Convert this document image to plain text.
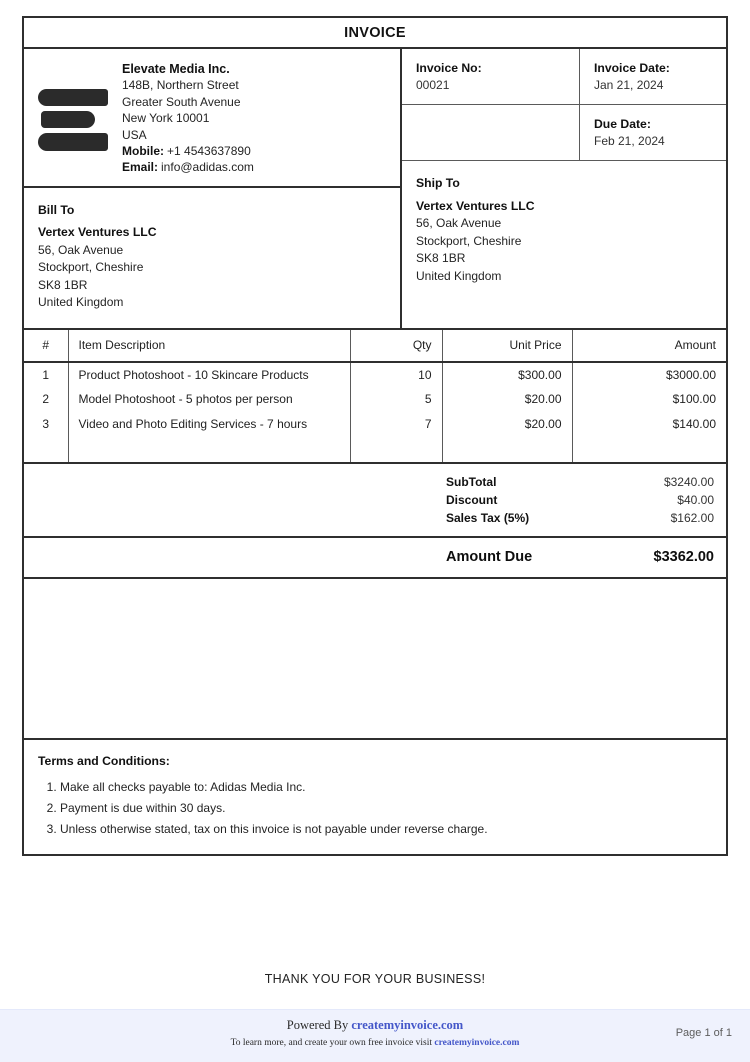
INVOICE
Elevate Media Inc.
148B, Northern Street
Greater South Avenue
New York 10001
USA
Mobile: +1 4543637890
Email: info@adidas.com
Bill To
Vertex Ventures LLC
56, Oak Avenue
Stockport, Cheshire
SK8 1BR
United Kingdom
Invoice No:
00021
Invoice Date:
Jan 21, 2024
Due Date:
Feb 21, 2024
Ship To
Vertex Ventures LLC
56, Oak Avenue
Stockport, Cheshire
SK8 1BR
United Kingdom
#	Item Description	Qty	Unit Price	Amount
1	Product Photoshoot - 10 Skincare Products	10	$300.00	$3000.00
2	Model Photoshoot - 5 photos per person	5	$20.00	$100.00
3	Video and Photo Editing Services - 7 hours	7	$20.00	$140.00

SubTotal	$3240.00
Discount	$40.00
Sales Tax (5%)	$162.00
Amount Due	$3362.00
Terms and Conditions:
1. Make all checks payable to: Adidas Media Inc.
2. Payment is due within 30 days.
3. Unless otherwise stated, tax on this invoice is not payable under reverse charge.
THANK YOU FOR YOUR BUSINESS!
Powered By createmyinvoice.com
To learn more, and create your own free invoice visit createmyinvoice.com
Page 1 of 1
